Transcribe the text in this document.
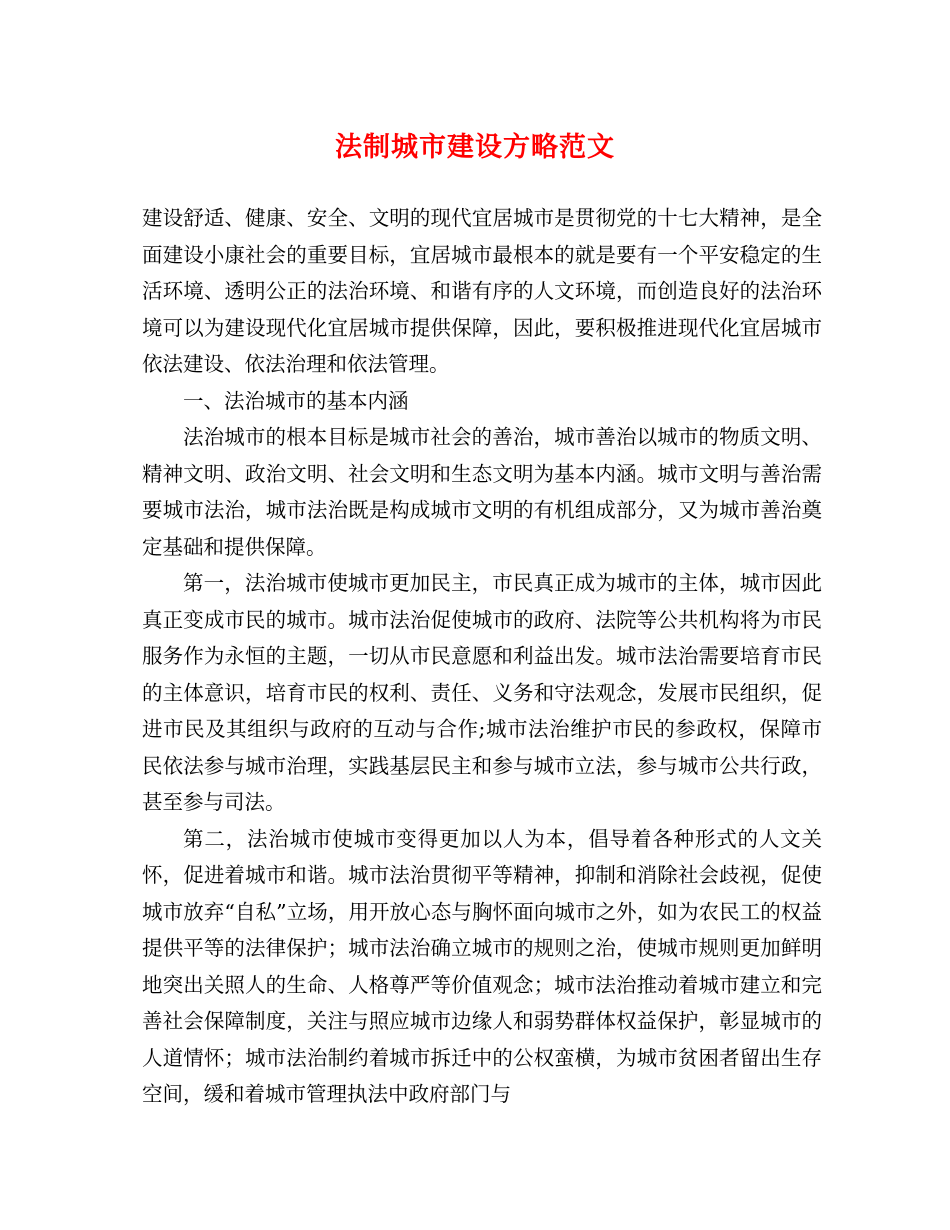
法制城市建设方略范文

建设舒适、健康、安全、文明的现代宜居城市是贯彻党的十七大精神，是全面建设小康社会的重要目标，宜居城市最根本的就是要有一个平安稳定的生活环境、透明公正的法治环境、和谐有序的人文环境，而创造良好的法治环境可以为建设现代化宜居城市提供保障，因此，要积极推进现代化宜居城市依法建设、依法治理和依法管理。

一、法治城市的基本内涵

法治城市的根本目标是城市社会的善治，城市善治以城市的物质文明、精神文明、政治文明、社会文明和生态文明为基本内涵。城市文明与善治需要城市法治，城市法治既是构成城市文明的有机组成部分，又为城市善治奠定基础和提供保障。

第一，法治城市使城市更加民主，市民真正成为城市的主体，城市因此真正变成市民的城市。城市法治促使城市的政府、法院等公共机构将为市民服务作为永恒的主题，一切从市民意愿和利益出发。城市法治需要培育市民的主体意识，培育市民的权利、责任、义务和守法观念，发展市民组织，促进市民及其组织与政府的互动与合作;城市法治维护市民的参政权，保障市民依法参与城市治理，实践基层民主和参与城市立法，参与城市公共行政，甚至参与司法。

第二，法治城市使城市变得更加以人为本，倡导着各种形式的人文关怀，促进着城市和谐。城市法治贯彻平等精神，抑制和消除社会歧视，促使城市放弃“自私”立场，用开放心态与胸怀面向城市之外，如为农民工的权益提供平等的法律保护；城市法治确立城市的规则之治，使城市规则更加鲜明地突出关照人的生命、人格尊严等价值观念；城市法治推动着城市建立和完善社会保障制度，关注与照应城市边缘人和弱势群体权益保护，彰显城市的人道情怀；城市法治制约着城市拆迁中的公权蛮横，为城市贫困者留出生存空间，缓和着城市管理执法中政府部门与
